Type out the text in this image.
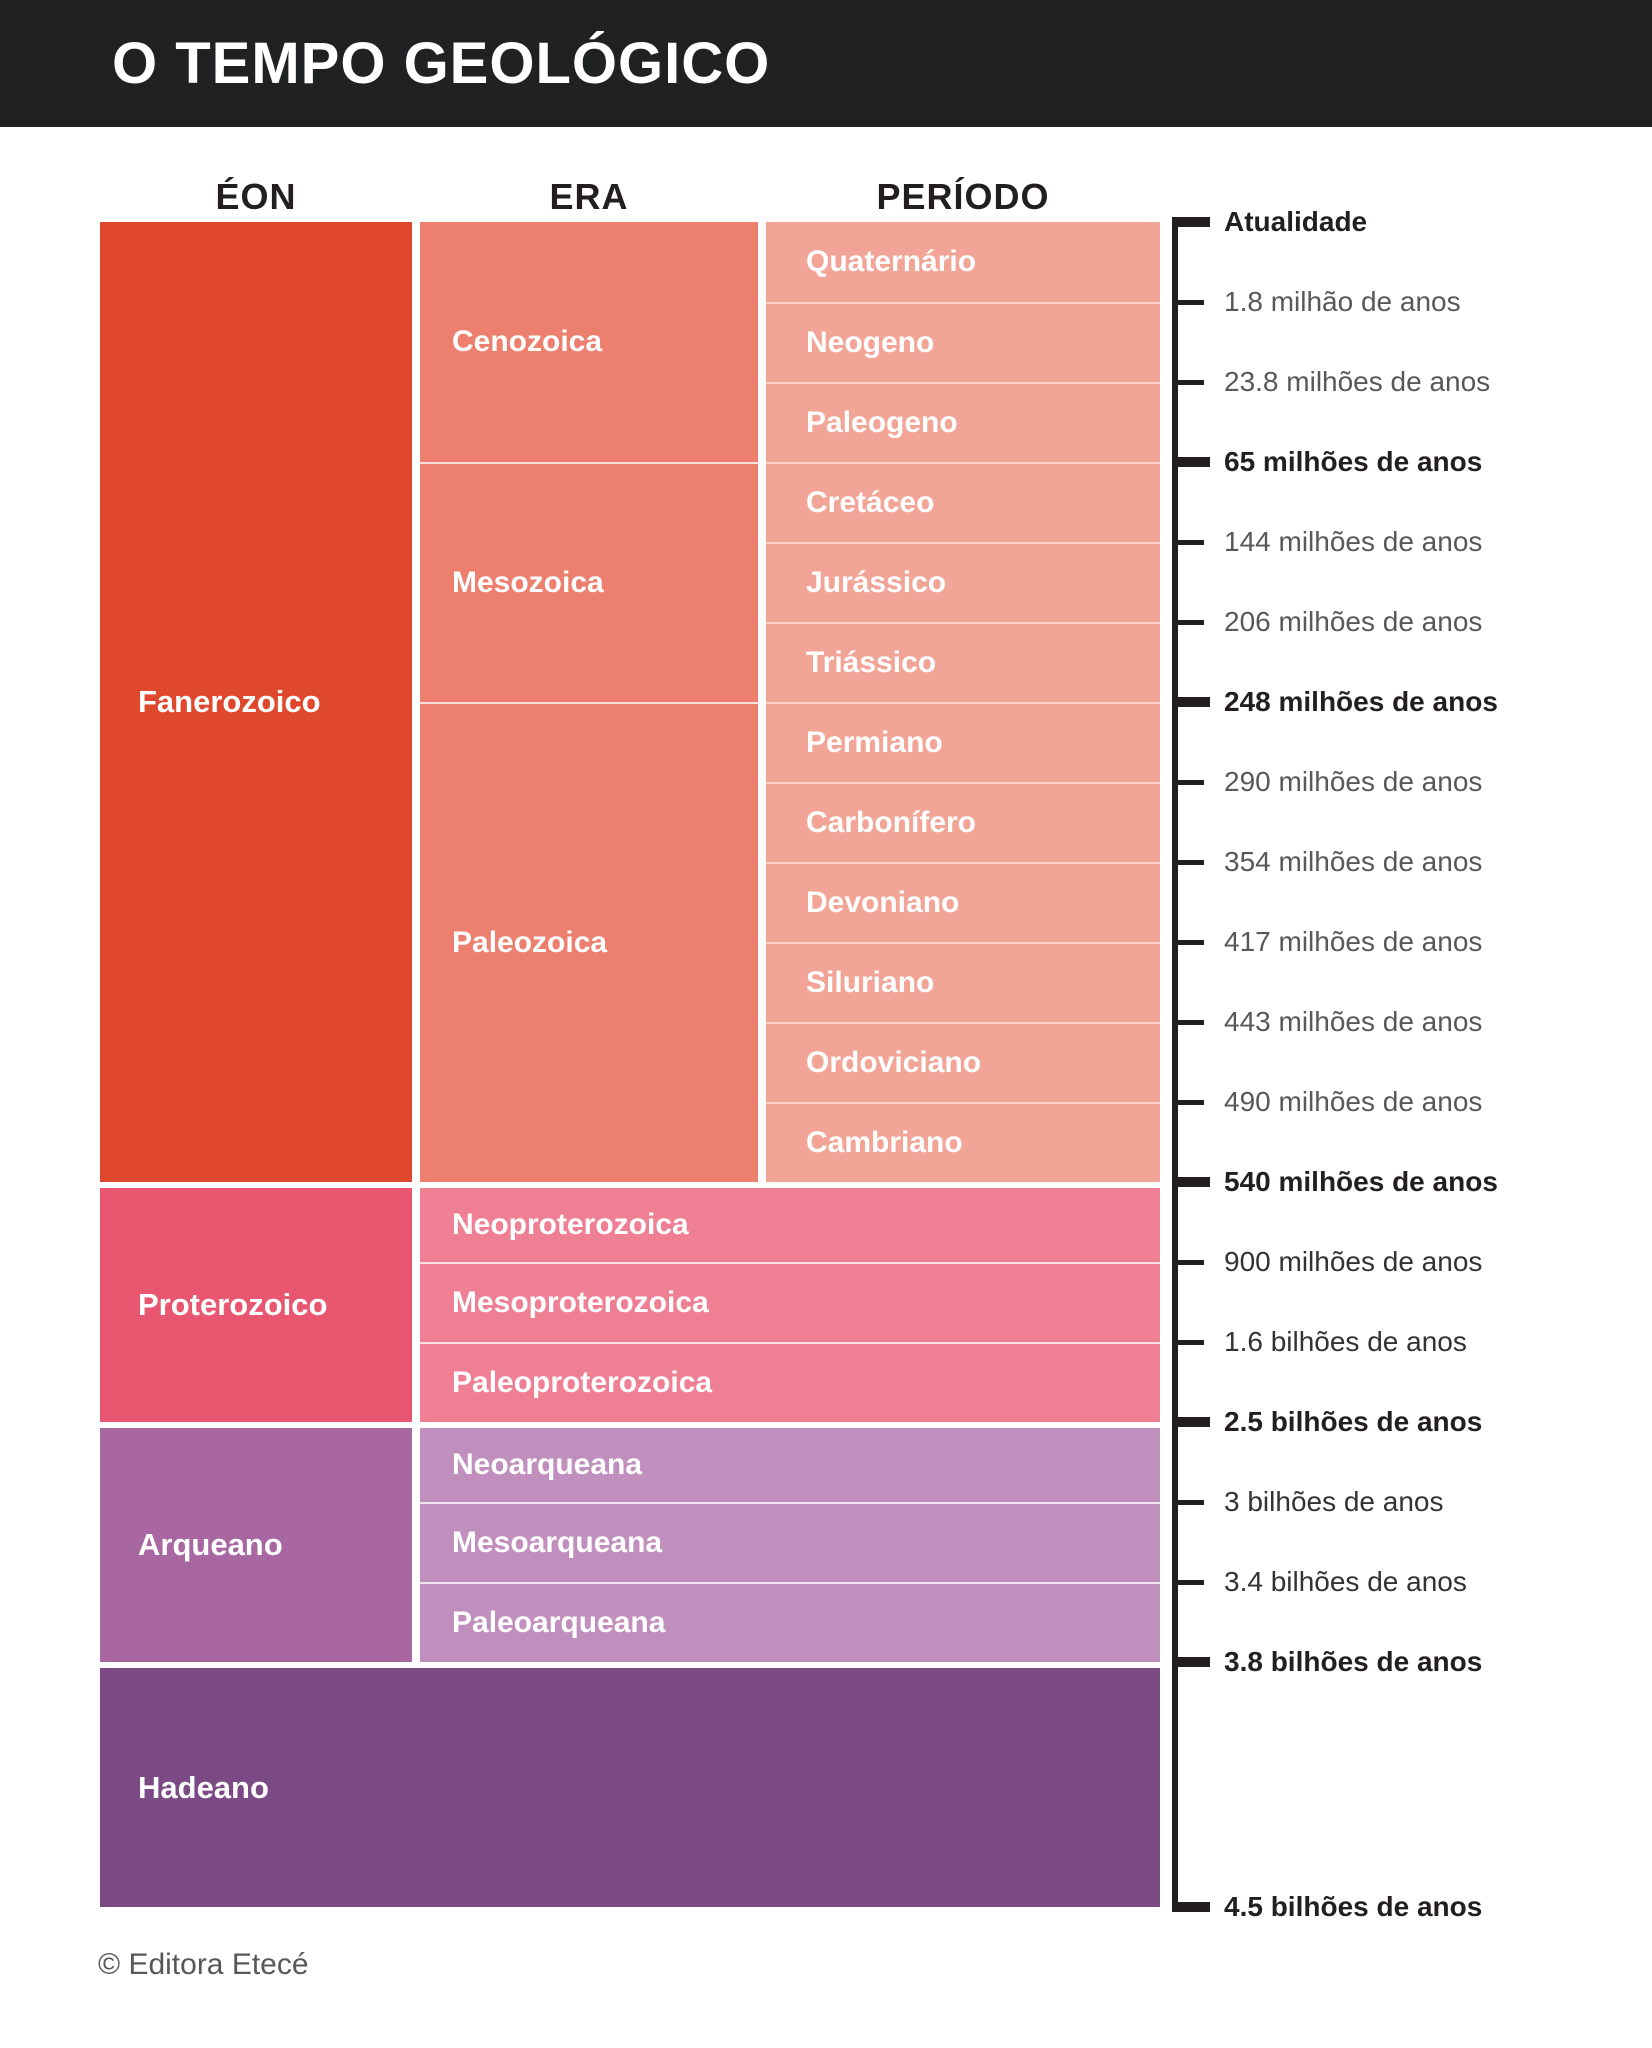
O TEMPO GEOLÓGICO
ÉON	ERA	PERÍODO
Fanerozoico
Proterozoico
Arqueano
Hadeano
Cenozoica
Mesozoica
Paleozoica
Quaternário
Neogeno
Paleogeno
Cretáceo
Jurássico
Triássico
Permiano
Carbonífero
Devoniano
Siluriano
Ordoviciano
Cambriano
Neoproterozoica
Mesoproterozoica
Paleoproterozoica
Neoarqueana
Mesoarqueana
Paleoarqueana
Atualidade
1.8 milhão de anos
23.8 milhões de anos
65 milhões de anos
144 milhões de anos
206 milhões de anos
248 milhões de anos
290 milhões de anos
354 milhões de anos
417 milhões de anos
443 milhões de anos
490 milhões de anos
540 milhões de anos
900 milhões de anos
1.6 bilhões de anos
2.5 bilhões de anos
3 bilhões de anos
3.4 bilhões de anos
3.8 bilhões de anos
4.5 bilhões de anos
© Editora Etecé
